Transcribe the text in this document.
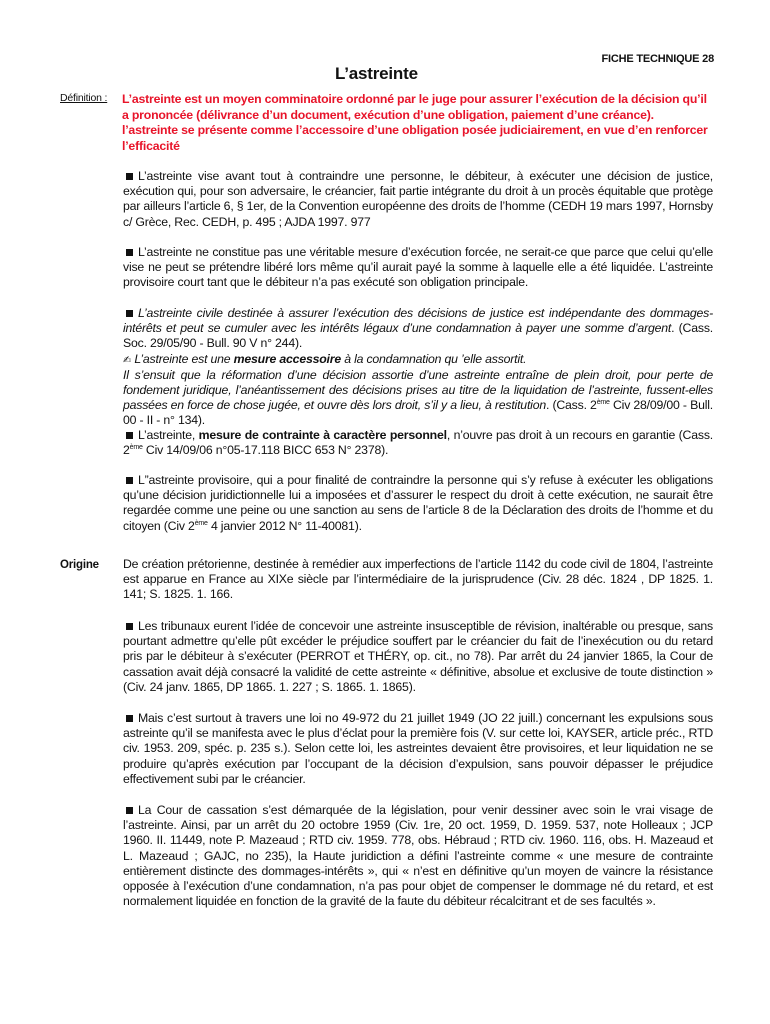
FICHE TECHNIQUE 28
L’astreinte
Définition : L’astreinte est un moyen comminatoire ordonné par le juge pour assurer l’exécution de la décision qu’il a prononcée (délivrance d’un document, exécution d’une obligation, paiement d’une créance).
l’astreinte se présente comme l’accessoire d’une obligation posée judiciairement, en vue d’en renforcer l’efficacité
L’astreinte vise avant tout à contraindre une personne, le débiteur, à exécuter une décision de justice, exécution qui, pour son adversaire, le créancier, fait partie intégrante du droit à un procès équitable que protège par ailleurs l’article 6, § 1er, de la Convention européenne des droits de l’homme (CEDH 19 mars 1997, Hornsby c/ Grèce, Rec. CEDH, p. 495 ; AJDA 1997. 977
L’astreinte ne constitue pas une véritable mesure d’exécution forcée, ne serait-ce que parce que celui qu’elle vise ne peut se prétendre libéré lors même qu’il aurait payé la somme à laquelle elle a été liquidée. L’astreinte provisoire court tant que le débiteur n’a pas exécuté son obligation principale.
L’astreinte civile destinée à assurer l’exécution des décisions de justice est indépendante des dommages-intérêts et peut se cumuler avec les intérêts légaux d’une condamnation à payer une somme d’argent. (Cass. Soc. 29/05/90 - Bull. 90 V n° 244).
✍ L’astreinte est une mesure accessoire à la condamnation qu ’elle assortit.
Il s’ensuit que la réformation d’une décision assortie d’une astreinte entraîne de plein droit, pour perte de fondement juridique, l’anéantissement des décisions prises au titre de la liquidation de l’astreinte, fussent-elles passées en force de chose jugée, et ouvre dès lors droit, s’il y a lieu, à restitution. (Cass. 2ème Civ 28/09/00 - Bull. 00 - II - n° 134).
L’astreinte, mesure de contrainte à caractère personnel, n’ouvre pas droit à un recours en garantie (Cass. 2ème Civ 14/09/06 n°05-17.118 BICC 653 N° 2378).
L”astreinte provisoire, qui a pour finalité de contraindre la personne qui s’y refuse à exécuter les obligations qu’une décision juridictionnelle lui a imposées et d’assurer le respect du droit à cette exécution, ne saurait être regardée comme une peine ou une sanction au sens de l’article 8 de la Déclaration des droits de l’homme et du citoyen (Civ 2ème 4 janvier 2012 N° 11-40081).
Origine De création prétorienne, destinée à remédier aux imperfections de l’article 1142 du code civil de 1804, l’astreinte est apparue en France au XIXe siècle par l’intermédiaire de la jurisprudence (Civ. 28 déc. 1824 , DP 1825. 1. 141; S. 1825. 1. 166.
Les tribunaux eurent l’idée de concevoir une astreinte insusceptible de révision, inaltérable ou presque, sans pourtant admettre qu’elle pût excéder le préjudice souffert par le créancier du fait de l’inexécution ou du retard pris par le débiteur à s’exécuter (PERROT et THÉRY, op. cit., no 78). Par arrêt du 24 janvier 1865, la Cour de cassation avait déjà consacré la validité de cette astreinte « définitive, absolue et exclusive de toute distinction » (Civ. 24 janv. 1865, DP 1865. 1. 227 ; S. 1865. 1. 1865).
Mais c’est surtout à travers une loi no 49-972 du 21 juillet 1949 (JO 22 juill.) concernant les expulsions sous astreinte qu’il se manifesta avec le plus d’éclat pour la première fois (V. sur cette loi, KAYSER, article préc., RTD civ. 1953. 209, spéc. p. 235 s.). Selon cette loi, les astreintes devaient être provisoires, et leur liquidation ne se produire qu’après exécution par l’occupant de la décision d’expulsion, sans pouvoir dépasser le préjudice effectivement subi par le créancier.
La Cour de cassation s’est démarquée de la législation, pour venir dessiner avec soin le vrai visage de l’astreinte. Ainsi, par un arrêt du 20 octobre 1959 (Civ. 1re, 20 oct. 1959, D. 1959. 537, note Holleaux ; JCP 1960. II. 11449, note P. Mazeaud ; RTD civ. 1959. 778, obs. Hébraud ; RTD civ. 1960. 116, obs. H. Mazeaud et L. Mazeaud ; GAJC, no 235), la Haute juridiction a défini l’astreinte comme « une mesure de contrainte entièrement distincte des dommages-intérêts », qui « n’est en définitive qu’un moyen de vaincre la résistance opposée à l’exécution d’une condamnation, n’a pas pour objet de compenser le dommage né du retard, et est normalement liquidée en fonction de la gravité de la faute du débiteur récalcitrant et de ses facultés ».
